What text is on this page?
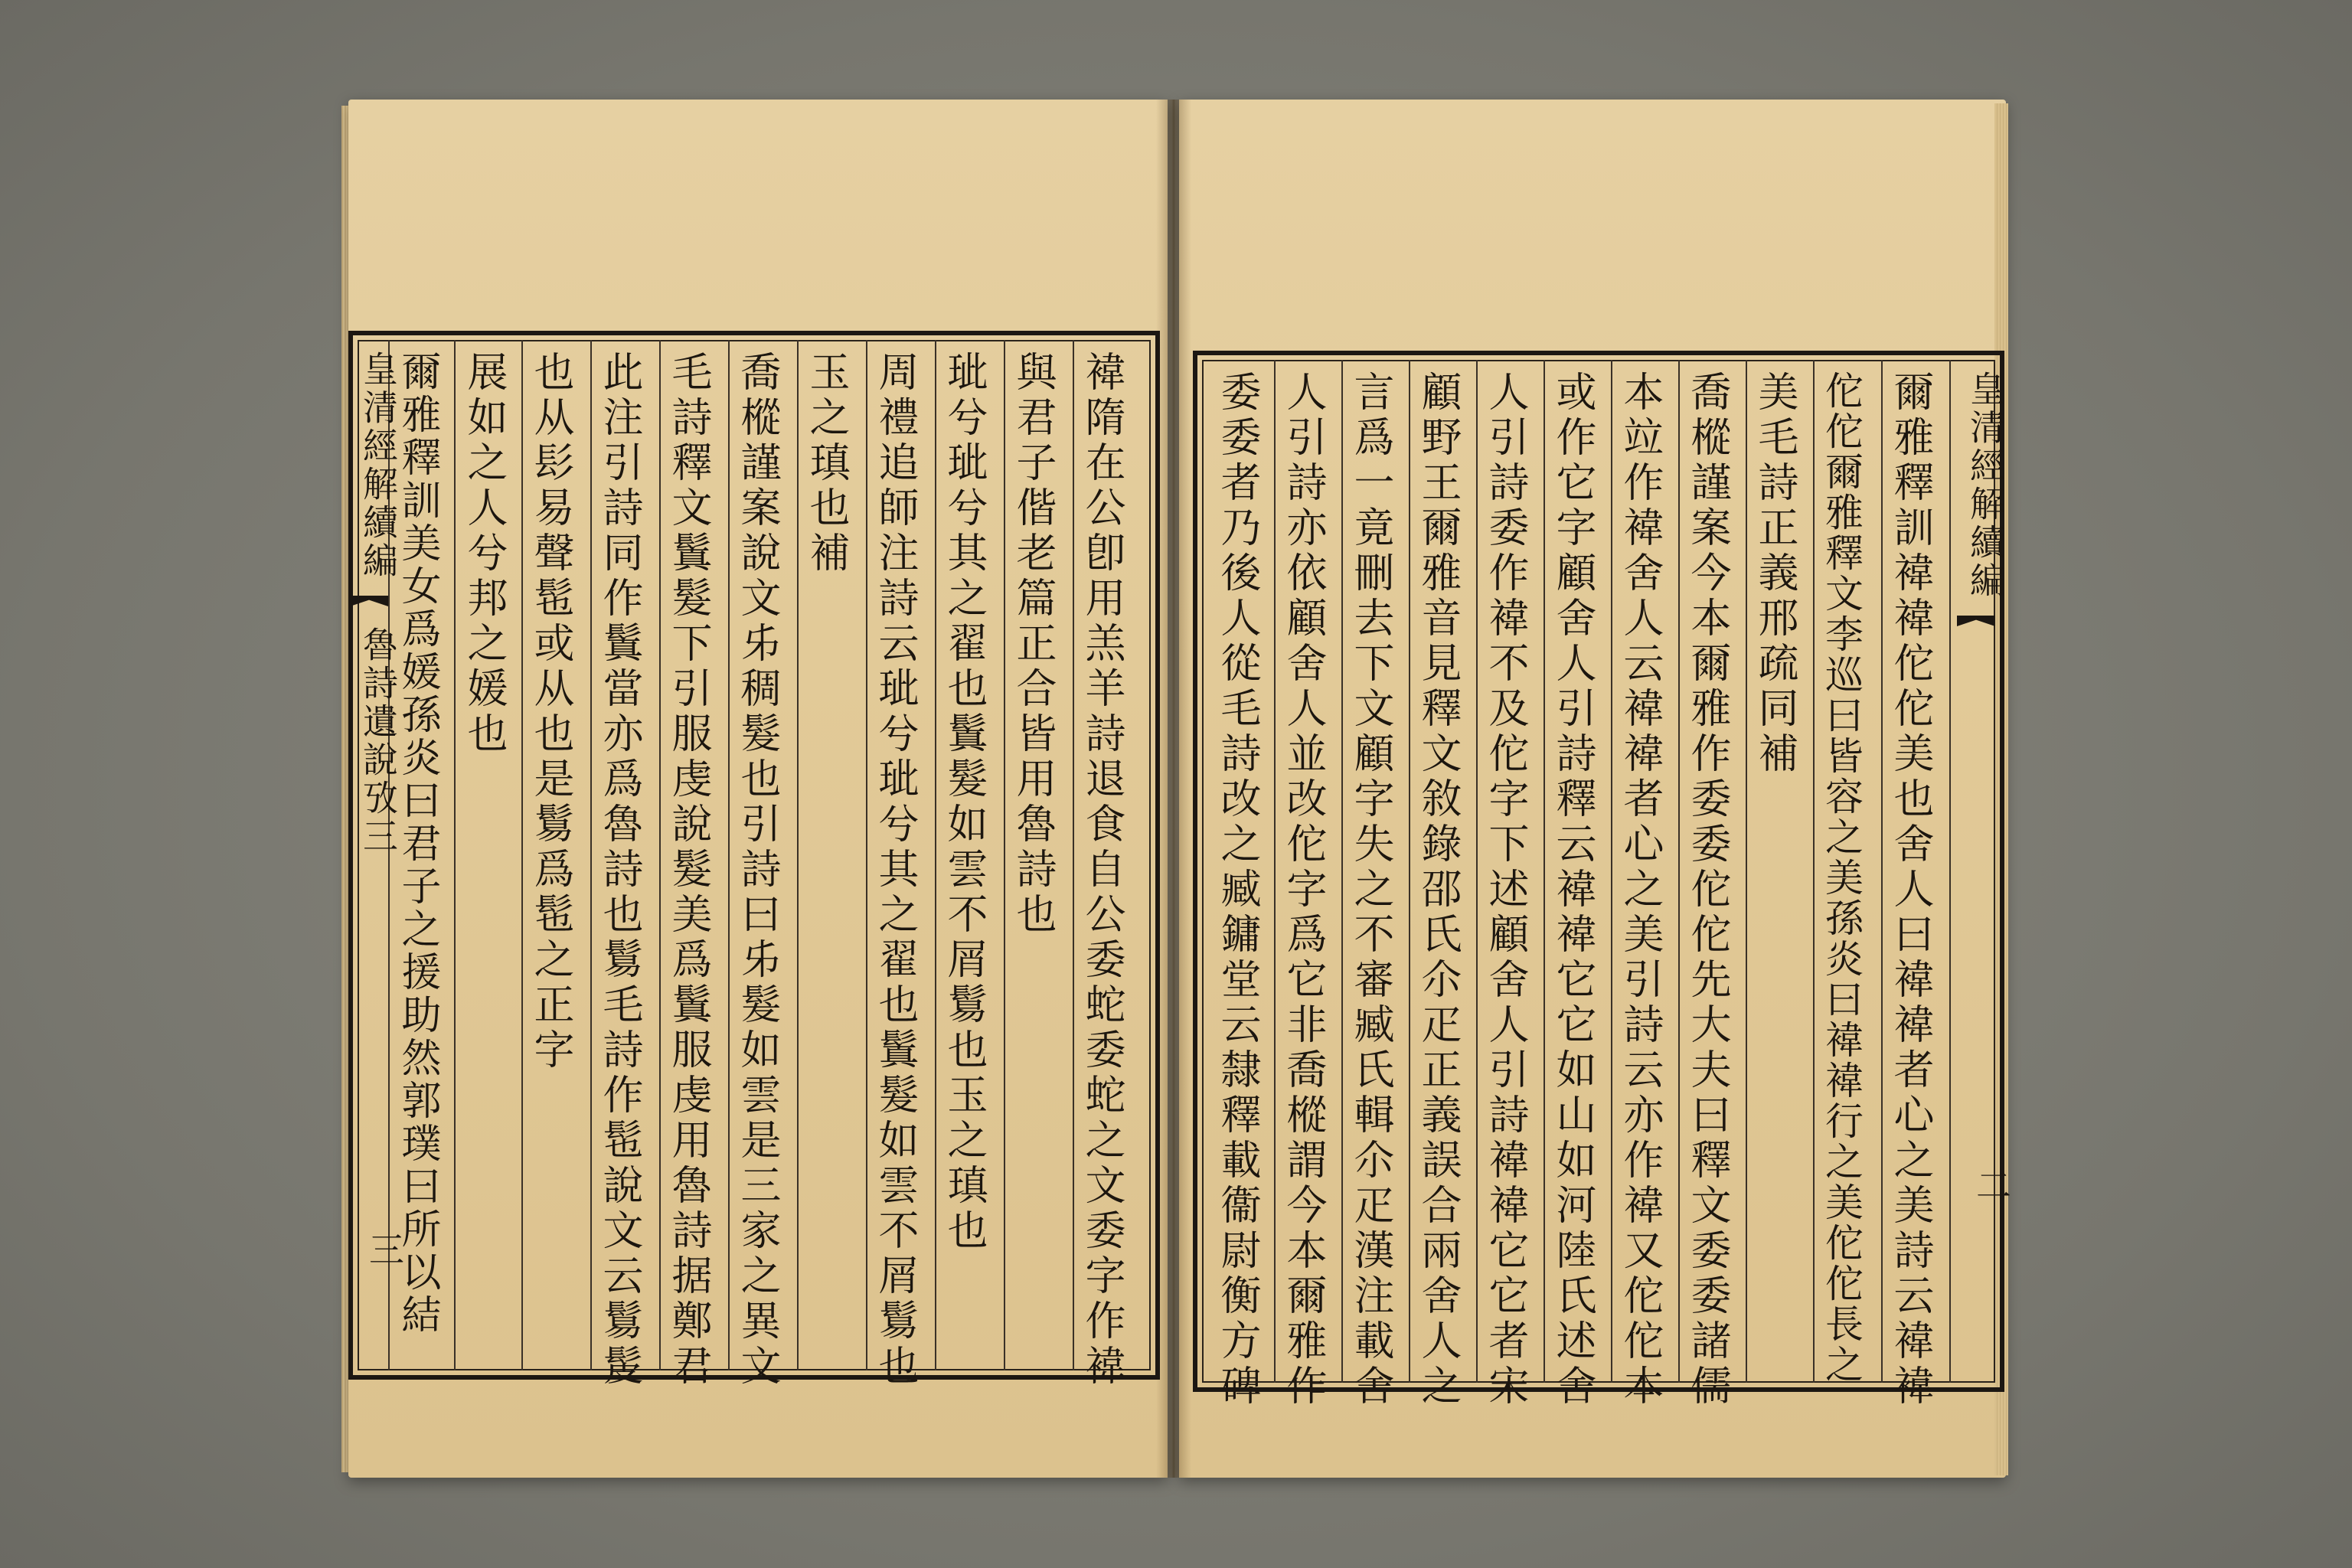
褘隋在公卽用羔羊詩退食自公委蛇委蛇之文委字作褘
與君子偕老篇正合皆用魯詩也
玼兮玼兮其之翟也鬒髮如雲不屑鬄也玉之瑱也
周禮追師注詩云玼兮玼兮其之翟也鬒髮如雲不屑鬄也
玉之瑱也補
喬樅謹案說文𠂔稠髮也引詩曰𠂔髮如雲是三家之異文
毛詩釋文鬒髮下引服虔說髮美爲鬒服虔用魯詩据鄭君
此注引詩同作鬒當亦爲魯詩也鬄毛詩作髢說文云鬄髲
也从髟易聲髢或从也是鬄爲髢之正字
展如之人兮邦之媛也
爾雅釋訓美女爲媛孫炎曰君子之援助然郭璞曰所以結
皇清經解續編
魯詩遺說攷三
三
皇清經解續編
二
爾雅釋訓褘褘佗佗美也舍人曰褘褘者心之美詩云褘褘
佗佗爾雅釋文李巡曰皆容之美孫炎曰褘褘行之美佗佗長之
美毛詩正義邢疏同補
喬樅謹案今本爾雅作委委佗佗先大夫曰釋文委委諸儒
本竝作褘舍人云褘褘者心之美引詩云亦作褘又佗佗本
或作它字顧舍人引詩釋云褘褘它它如山如河陸氏述舍
人引詩委作褘不及佗字下述顧舍人引詩褘褘它它者宋
顧野王爾雅音見釋文敘錄邵氏尒疋正義誤合兩舍人之
言爲一竟刪去下文顧字失之不審臧氏輯尒疋漢注載舍
人引詩亦依顧舍人並改佗字爲它非喬樅謂今本爾雅作
委委者乃後人從毛詩改之臧鏞堂云隸釋載衞尉衡方碑
